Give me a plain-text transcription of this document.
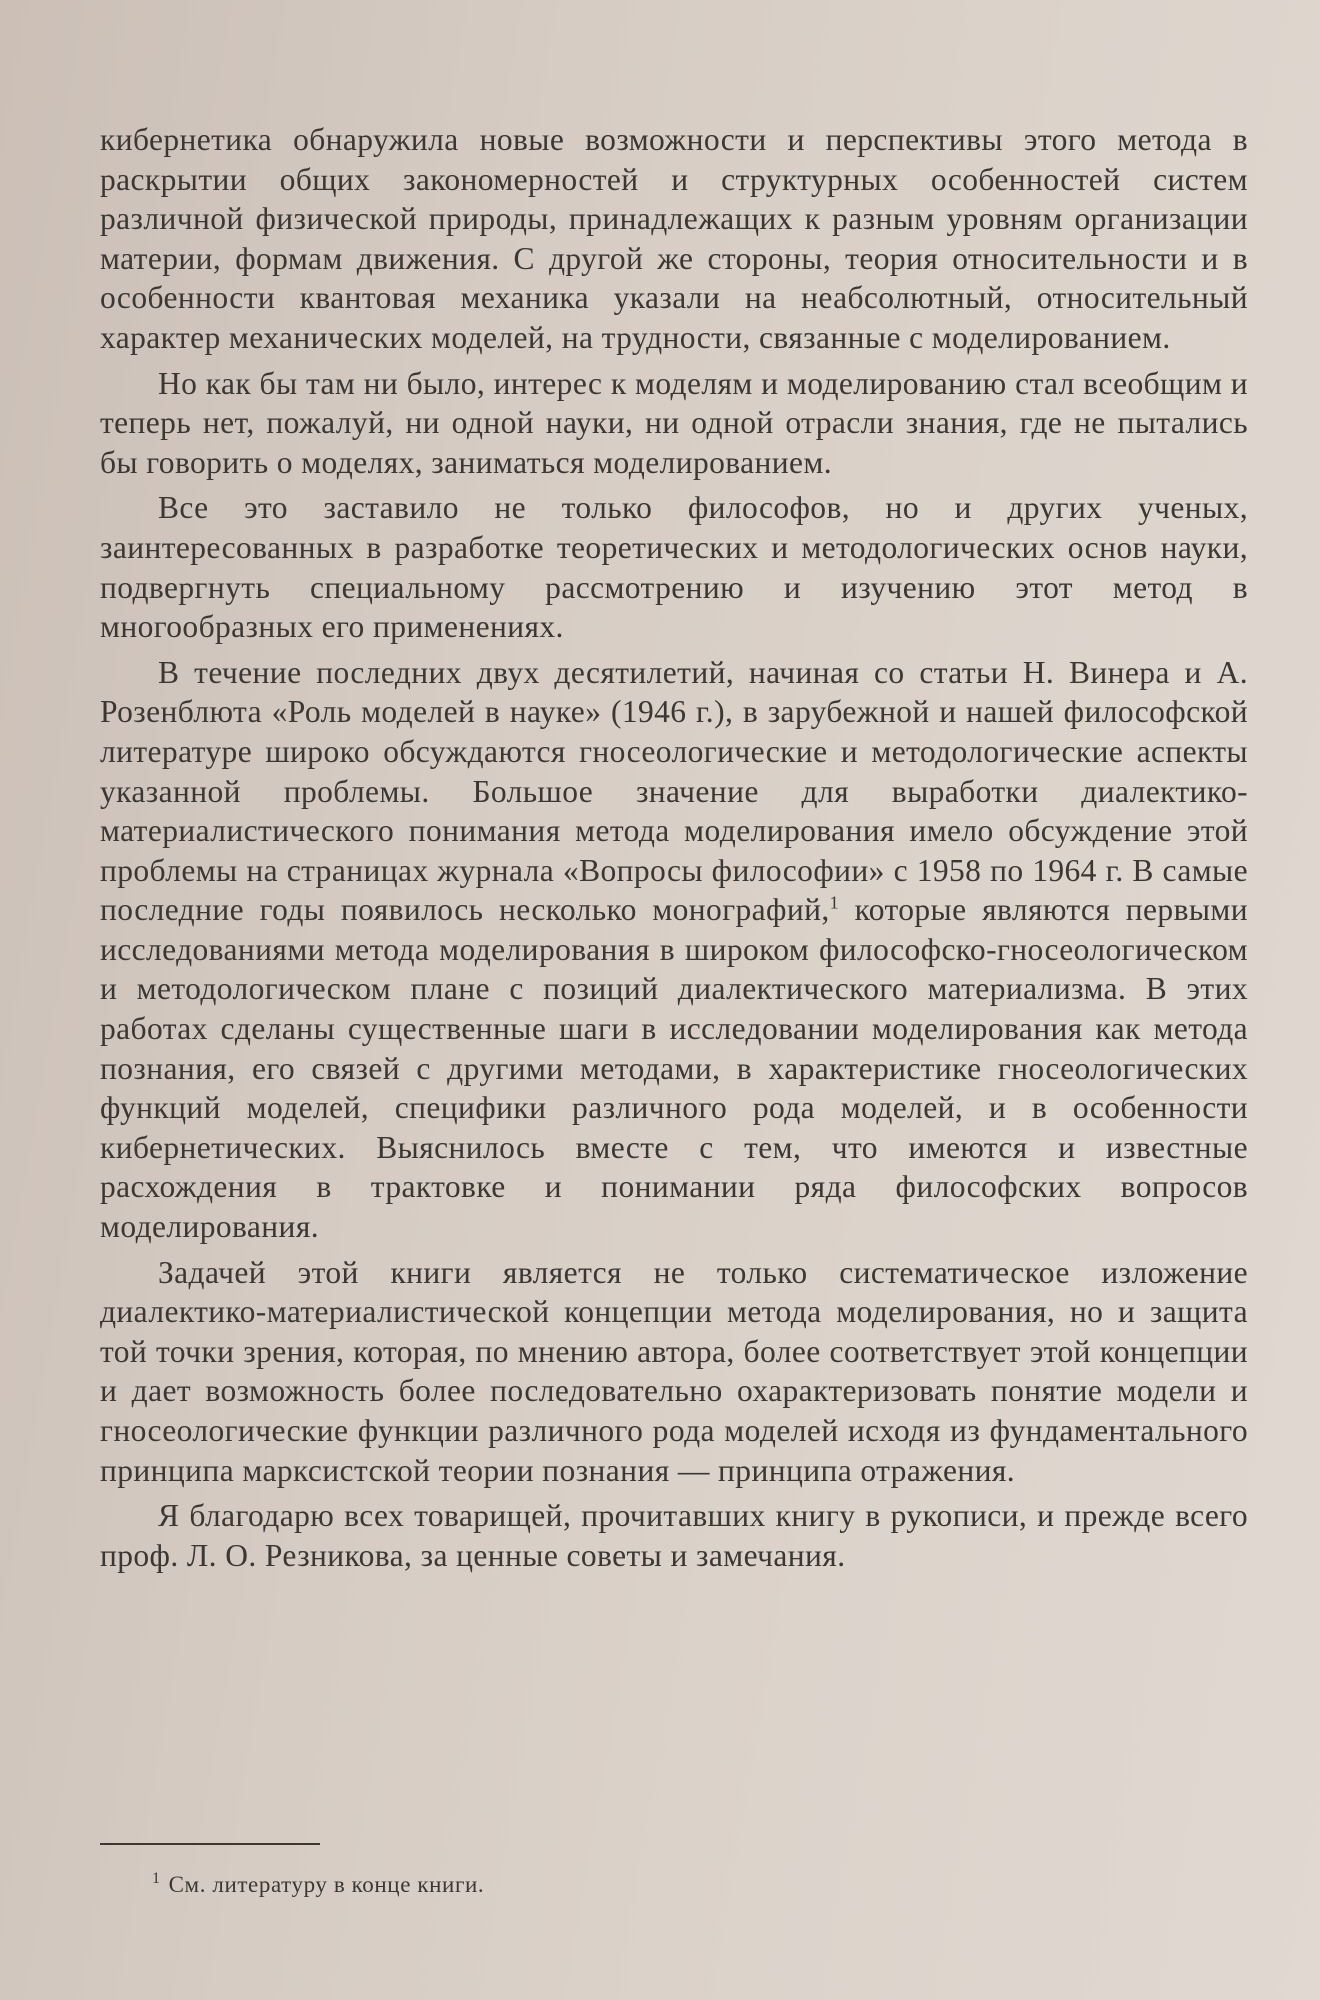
кибернетика обнаружила новые возможности и перспективы этого метода в раскрытии общих закономерностей и структурных особенностей систем различной физической природы, принадлежащих к разным уровням организации материи, формам движения. С другой же стороны, теория относительности и в особенности квантовая механика указали на неабсолютный, относительный характер механических моделей, на трудности, связанные с моделированием.

Но как бы там ни было, интерес к моделям и моделированию стал всеобщим и теперь нет, пожалуй, ни одной науки, ни одной отрасли знания, где не пытались бы говорить о моделях, заниматься моделированием.

Все это заставило не только философов, но и других ученых, заинтересованных в разработке теоретических и методологических основ науки, подвергнуть специальному рассмотрению и изучению этот метод в многообразных его применениях.

В течение последних двух десятилетий, начиная со статьи Н. Винера и А. Розенблюта «Роль моделей в науке» (1946 г.), в зарубежной и нашей философской литературе широко обсуждаются гносеологические и методологические аспекты указанной проблемы. Большое значение для выработки диалектико-материалистического понимания метода моделирования имело обсуждение этой проблемы на страницах журнала «Вопросы философии» с 1958 по 1964 г. В самые последние годы появилось несколько монографий,$^1$ которые являются первыми исследованиями метода моделирования в широком философско-гносеологическом и методологическом плане с позиций диалектического материализма. В этих работах сделаны существенные шаги в исследовании моделирования как метода познания, его связей с другими методами, в характеристике гносеологических функций моделей, специфики различного рода моделей, и в особенности кибернетических. Выяснилось вместе с тем, что имеются и известные расхождения в трактовке и понимании ряда философских вопросов моделирования.

Задачей этой книги является не только систематическое изложение диалектико-материалистической концепции метода моделирования, но и защита той точки зрения, которая, по мнению автора, более соответствует этой концепции и дает возможность более последовательно охарактеризовать понятие модели и гносеологические функции различного рода моделей исходя из фундаментального принципа марксистской теории познания — принципа отражения.

Я благодарю всех товарищей, прочитавших книгу в рукописи, и прежде всего проф. Л. О. Резникова, за ценные советы и замечания.

$^1$ См. литературу в конце книги.
